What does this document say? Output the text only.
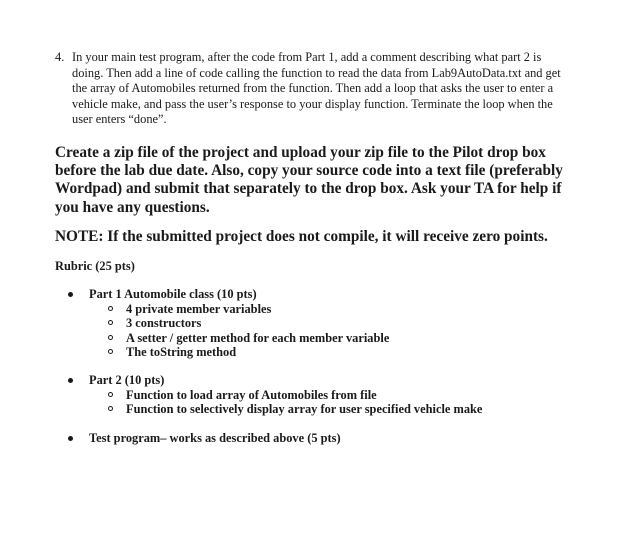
4. In your main test program, after the code from Part 1, add a comment describing what part 2 is doing. Then add a line of code calling the function to read the data from Lab9AutoData.txt and get the array of Automobiles returned from the function. Then add a loop that asks the user to enter a vehicle make, and pass the user’s response to your display function. Terminate the loop when the user enters “done”.
Create a zip file of the project and upload your zip file to the Pilot drop box before the lab due date. Also, copy your source code into a text file (preferably Wordpad) and submit that separately to the drop box. Ask your TA for help if you have any questions.
NOTE: If the submitted project does not compile, it will receive zero points.
Rubric (25 pts)
Part 1 Automobile class (10 pts)
4 private member variables
3 constructors
A setter / getter method for each member variable
The toString method
Part 2 (10 pts)
Function to load array of Automobiles from file
Function to selectively display array for user specified vehicle make
Test program– works as described above (5 pts)
